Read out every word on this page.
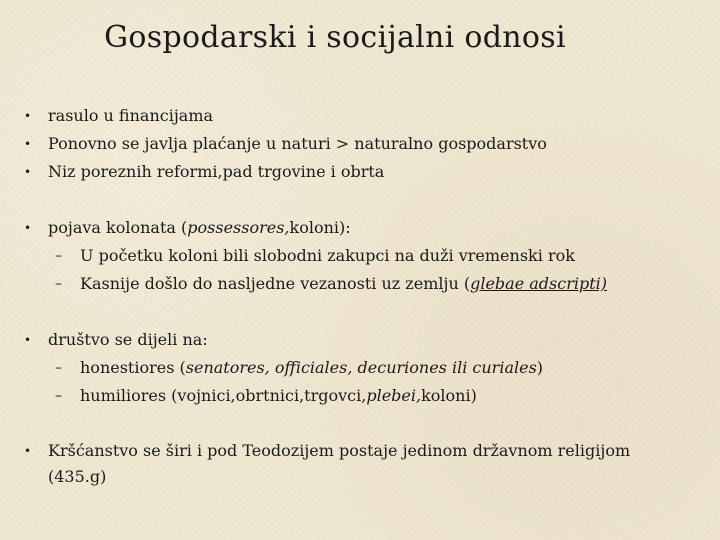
Gospodarski i socijalni odnosi
•	rasulo u financijama
•	Ponovno se javlja plaćanje u naturi > naturalno gospodarstvo
•	Niz poreznih reformi,pad trgovine i obrta
•	pojava kolonata (possessores,koloni):
– U početku koloni bili slobodni zakupci na duži vremenski rok
– Kasnije došlo do nasljedne vezanosti uz zemlju (glebae adscripti)
•	društvo se dijeli na:
– honestiores (senatores, officiales, decuriones ili curiales)
– humiliores (vojnici,obrtnici,trgovci,plebei,koloni)
•	Kršćanstvo se širi i pod Teodozijem postaje jedinom državnom religijom (435.g)
